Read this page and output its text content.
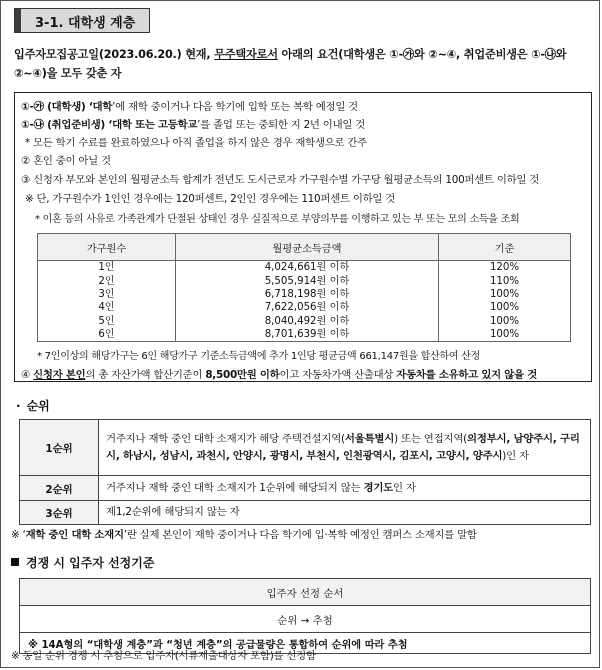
3-1. 대학생 계층
입주자모집공고일(2023.06.20.) 현재, 무주택자로서 아래의 요건(대학생은 ①-㉮와 ②~④, 취업준비생은 ①-㉯와
②~④)을 모두 갖춘 자
①-㉮ (대학생) ‘대학’에 재학 중이거나 다음 학기에 입학 또는 복학 예정일 것
①-㉯ (취업준비생) ‘대학 또는 고등학교’를 졸업 또는 중퇴한 지 2년 이내일 것
* 모든 학기 수료를 완료하였으나 아직 졸업을 하지 않은 경우 재학생으로 간주
② 혼인 중이 아닐 것
③ 신청자 부모와 본인의 월평균소득 합계가 전년도 도시근로자 가구원수별 가구당 월평균소득의 100퍼센트 이하일 것
※ 단, 가구원수가 1인인 경우에는 120퍼센트, 2인인 경우에는 110퍼센트 이하일 것
* 이혼 등의 사유로 가족관계가 단절된 상태인 경우 실질적으로 부양의무를 이행하고 있는 부 또는 모의 소득을 조회
* 7인이상의 해당가구는 6인 해당가구 기준소득금액에 추가 1인당 평균금액 661,147원을 합산하여 산정
④ 신청자 본인의 총 자산가액 합산기준이 8,500만원 이하이고 자동차가액 산출대상 자동차를 소유하고 있지 않을 것
가구원수	월평균소득금액	기준
1인	4,024,661원 이하	120%
2인	5,505,914원 이하	110%
3인	6,718,198원 이하	100%
4인	7,622,056원 이하	100%
5인	8,040,492원 이하	100%
6인	8,701,639원 이하	100%
· 순위
1순위	거주지나 재학 중인 대학 소재지가 해당 주택건설지역(서울특별시) 또는 연접지역(의정부시, 남양주시, 구리시, 하남시, 성남시, 과천시, 안양시, 광명시, 부천시, 인천광역시, 김포시, 고양시, 양주시)인 자
2순위	거주지나 재학 중인 대학 소재지가 1순위에 해당되지 않는 경기도인 자
3순위	제1,2순위에 해당되지 않는 자
※ ‘재학 중인 대학 소재지’란 실제 본인이 재학 중이거나 다음 학기에 입·복학 예정인 캠퍼스 소재지를 말함
경쟁 시 입주자 선정기준
입주자 선정 순서
순위 → 추첨
※ 14A형의 “대학생 계층”과 “청년 계층”의 공급물량은 통합하여 순위에 따라 추첨
※ 동일 순위 경쟁 시 추첨으로 입주자(서류제출대상자 포함)를 선정함
